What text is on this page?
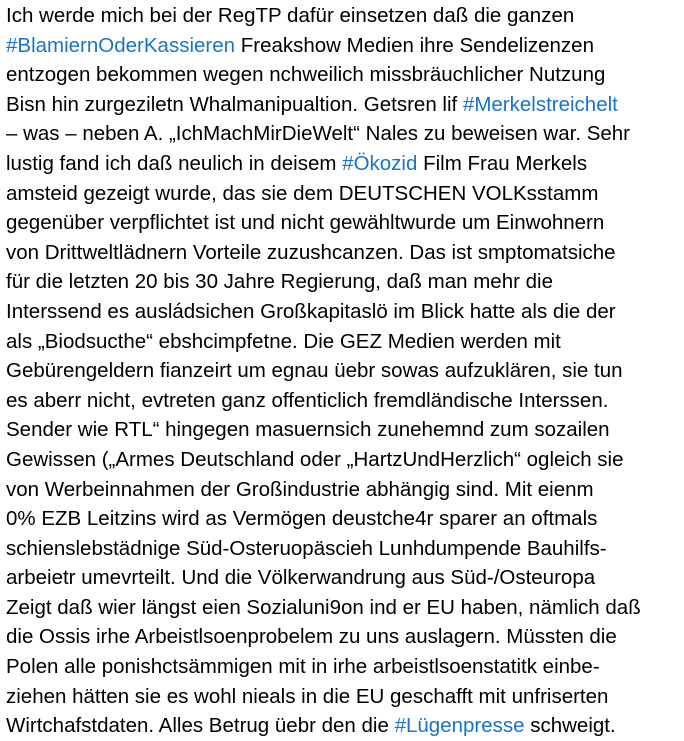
Ich werde mich bei der RegTP dafür einsetzen daß die ganzen
#BlamiernOderKassieren Freakshow Medien ihre Sendelizenzen
entzogen bekommen wegen nchweilich missbräuchlicher Nutzung
Bisn hin zurgeziletn Whalmanipualtion. Getsren lif #Merkelstreichelt
– was – neben A. „IchMachMirDieWelt“ Nales zu beweisen war. Sehr
lustig fand ich daß neulich in deisem #Ökozid Film Frau Merkels
amsteid gezeigt wurde, das sie dem DEUTSCHEN VOLKsstamm
gegenüber verpflichtet ist und nicht gewähltwurde um Einwohnern
von Drittweltlädnern Vorteile zuzushcanzen. Das ist smptomatsiche
für die letzten 20 bis 30 Jahre Regierung, daß man mehr die
Interssend es ausládsichen Großkapitaslö im Blick hatte als die der
als „Biodsucthe“ ebshcimpfetne. Die GEZ Medien werden mit
Gebürengeldern fianzeirt um egnau üebr sowas aufzuklären, sie tun
es aberr nicht, evtreten ganz offenticlich fremdländische Interssen.
Sender wie RTL“ hingegen masuernsich zunehemnd zum sozailen
Gewissen („Armes Deutschland oder „HartzUndHerzlich“ ogleich sie
von Werbeinnahmen der Großindustrie abhängig sind. Mit eienm
0% EZB Leitzins wird as Vermögen deustche4r sparer an oftmals
schienslebstädnige Süd-Osteruopäscieh Lunhdumpende Bauhilfs-
arbeietr umevrteilt. Und die Völkerwandrung aus Süd-/Osteuropa
Zeigt daß wier längst eien Sozialuni9on ind er EU haben, nämlich daß
die Ossis irhe Arbeistlsoenprobelem zu uns auslagern. Müssten die
Polen alle ponishctsämmigen mit in irhe arbeistlsoenstatitk einbe-
ziehen hätten sie es wohl nieals in die EU geschafft mit unfriserten
Wirtchafstdaten. Alles Betrug üebr den die #Lügenpresse schweigt.
